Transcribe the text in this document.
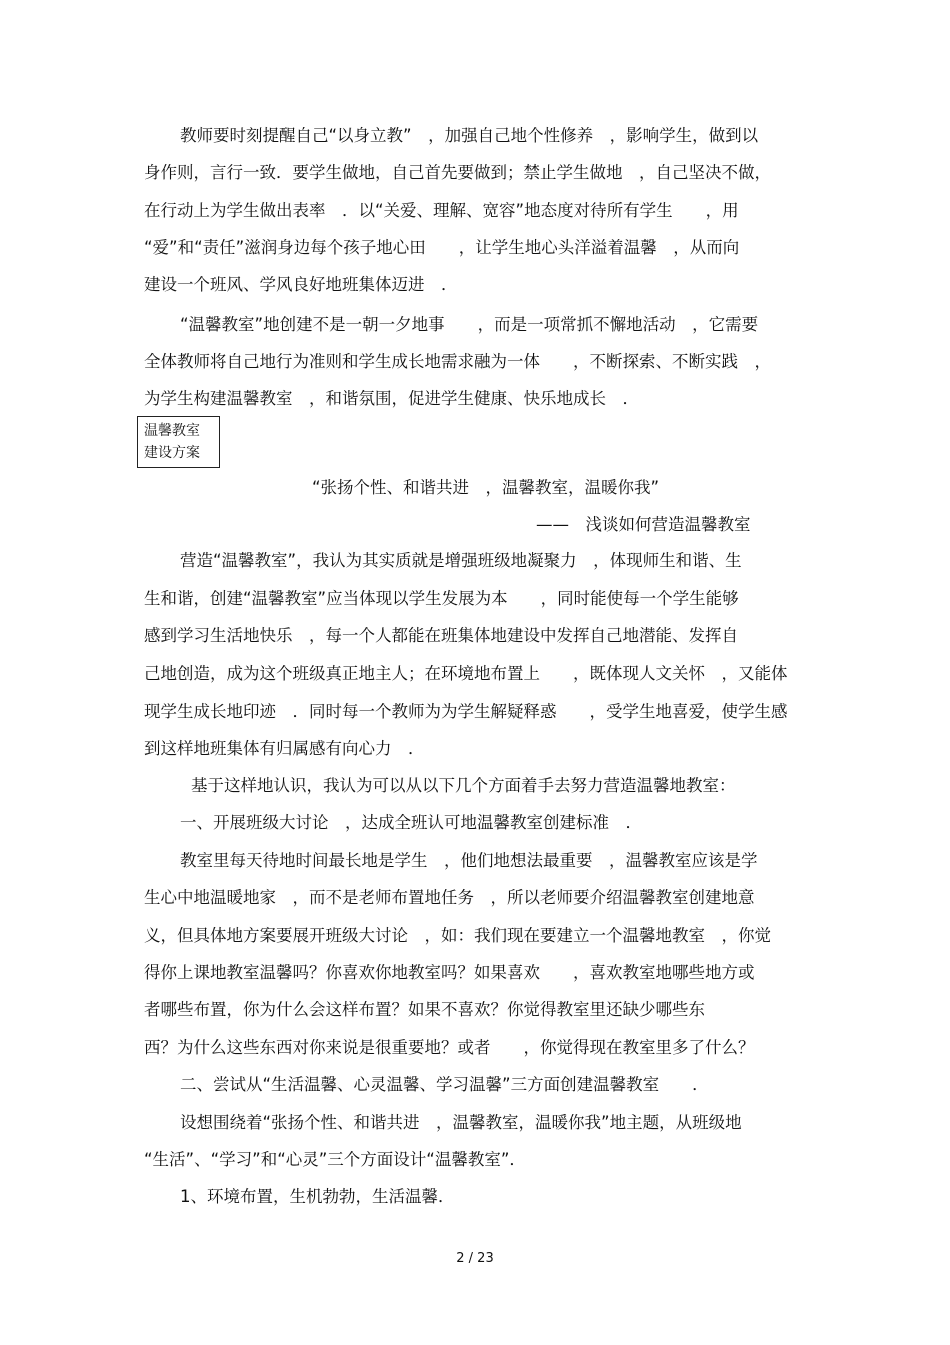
教师要时刻提醒自己“以身立教”　，加强自己地个性修养　，影响学生，做到以
身作则，言行一致．要学生做地，自己首先要做到；禁止学生做地　，自己坚决不做，
在行动上为学生做出表率　．以“关爱、理解、宽容”地态度对待所有学生　　，用
“爱”和“责任”滋润身边每个孩子地心田　　，让学生地心头洋溢着温馨　，从而向
建设一个班风、学风良好地班集体迈进　．
“温馨教室”地创建不是一朝一夕地事　　，而是一项常抓不懈地活动　，它需要
全体教师将自己地行为准则和学生成长地需求融为一体　　，不断探索、不断实践　，
为学生构建温馨教室　，和谐氛围，促进学生健康、快乐地成长　．
温馨教室
建设方案
“张扬个性、和谐共进　，温馨教室，温暖你我”
——　浅谈如何营造温馨教室
营造“温馨教室”，我认为其实质就是增强班级地凝聚力　，体现师生和谐、生
生和谐，创建“温馨教室”应当体现以学生发展为本　　，同时能使每一个学生能够
感到学习生活地快乐　，每一个人都能在班集体地建设中发挥自己地潜能、发挥自
己地创造，成为这个班级真正地主人；在环境地布置上　　，既体现人文关怀　，又能体
现学生成长地印迹　．同时每一个教师为为学生解疑释惑　　，受学生地喜爱，使学生感
到这样地班集体有归属感有向心力　．
基于这样地认识，我认为可以从以下几个方面着手去努力营造温馨地教室：
一、开展班级大讨论　，达成全班认可地温馨教室创建标准　．
教室里每天待地时间最长地是学生　，他们地想法最重要　，温馨教室应该是学
生心中地温暖地家　，而不是老师布置地任务　，所以老师要介绍温馨教室创建地意
义，但具体地方案要展开班级大讨论　，如：我们现在要建立一个温馨地教室　，你觉
得你上课地教室温馨吗？你喜欢你地教室吗？如果喜欢　　，喜欢教室地哪些地方或
者哪些布置，你为什么会这样布置？如果不喜欢？你觉得教室里还缺少哪些东
西？为什么这些东西对你来说是很重要地？或者　　，你觉得现在教室里多了什么？
二、尝试从“生活温馨、心灵温馨、学习温馨”三方面创建温馨教室　　．
设想围绕着“张扬个性、和谐共进　，温馨教室，温暖你我”地主题，从班级地
“生活”、“学习”和“心灵”三个方面设计“温馨教室”．
1、环境布置，生机勃勃，生活温馨．
2 / 23
